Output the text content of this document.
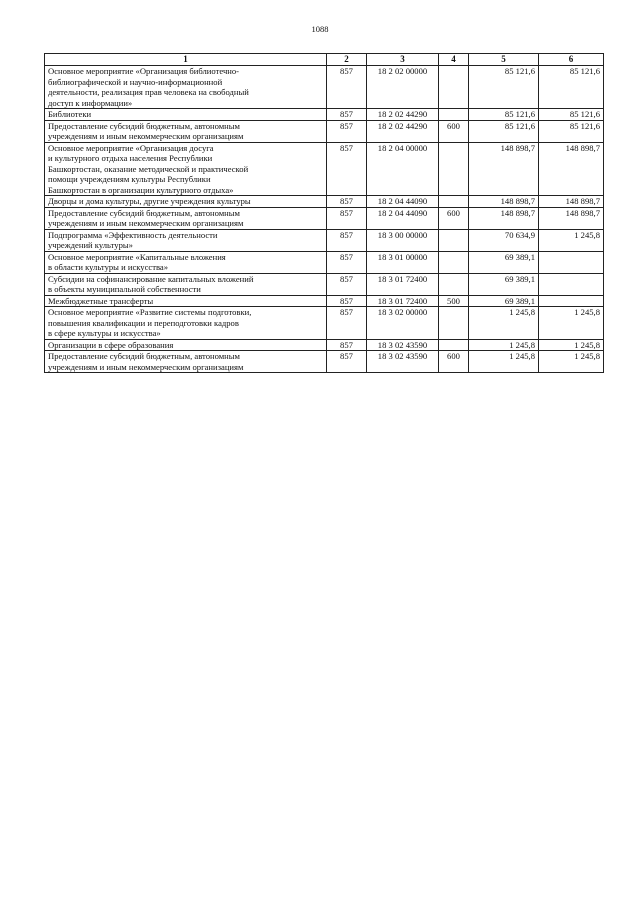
1088
1	2	3	4	5	6
Основное мероприятие «Организация библиотечно-
библиографической и научно-информационной
деятельности, реализация прав человека на свободный
доступ к информации»	857	18 2 02 00000		85 121,6	85 121,6
Библиотеки	857	18 2 02 44290		85 121,6	85 121,6
Предоставление субсидий бюджетным, автономным
учреждениям и иным некоммерческим организациям	857	18 2 02 44290	600	85 121,6	85 121,6
Основное мероприятие «Организация досуга
и культурного отдыха населения Республики
Башкортостан, оказание методической и практической
помощи учреждениям культуры Республики
Башкортостан в организации культурного отдыха»	857	18 2 04 00000		148 898,7	148 898,7
Дворцы и дома культуры, другие учреждения культуры	857	18 2 04 44090		148 898,7	148 898,7
Предоставление субсидий бюджетным, автономным
учреждениям и иным некоммерческим организациям	857	18 2 04 44090	600	148 898,7	148 898,7
Подпрограмма «Эффективность деятельности
учреждений культуры»	857	18 3 00 00000		70 634,9	1 245,8
Основное мероприятие «Капитальные вложения
в области культуры и искусства»	857	18 3 01 00000		69 389,1	
Субсидии на софинансирование капитальных вложений
в объекты муниципальной собственности	857	18 3 01 72400		69 389,1	
Межбюджетные трансферты	857	18 3 01 72400	500	69 389,1	
Основное мероприятие «Развитие системы подготовки,
повышения квалификации и переподготовки кадров
в сфере культуры и искусства»	857	18 3 02 00000		1 245,8	1 245,8
Организации в сфере образования	857	18 3 02 43590		1 245,8	1 245,8
Предоставление субсидий бюджетным, автономным
учреждениям и иным некоммерческим организациям	857	18 3 02 43590	600	1 245,8	1 245,8
